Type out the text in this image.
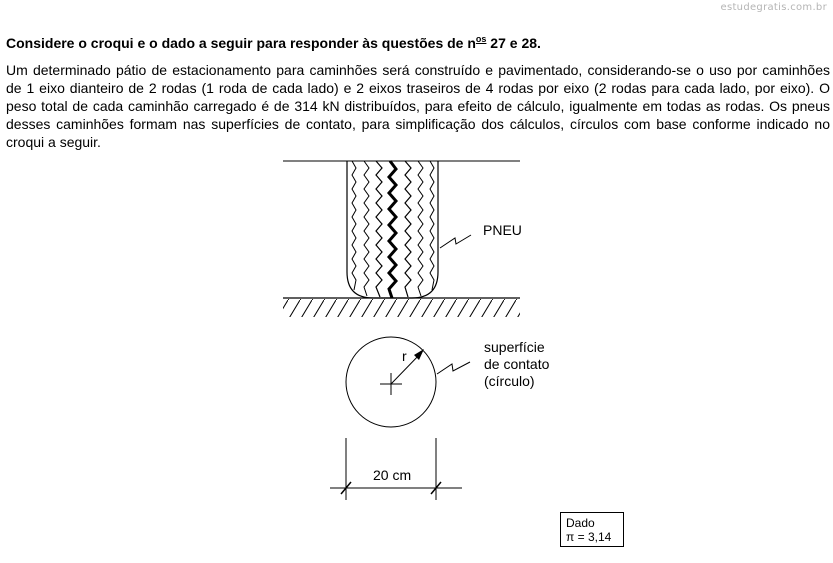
estudegratis.com.br

Considere o croqui e o dado a seguir para responder às questões de $n^{os}$ 27 e 28.

Um determinado pátio de estacionamento para caminhões será construído e pavimentado, considerando-se o uso por caminhões de 1 eixo dianteiro de 2 rodas (1 roda de cada lado) e 2 eixos traseiros de 4 rodas por eixo (2 rodas para cada lado, por eixo). O peso total de cada caminhão carregado é de 314 kN distribuídos, para efeito de cálculo, igualmente em todas as rodas. Os pneus desses caminhões formam nas superfícies de contato, para simplificação dos cálculos, círculos com base conforme indicado no croqui a seguir.

PNEU
r
superfície
de contato
(círculo)
20 cm
Dado
π = 3,14
